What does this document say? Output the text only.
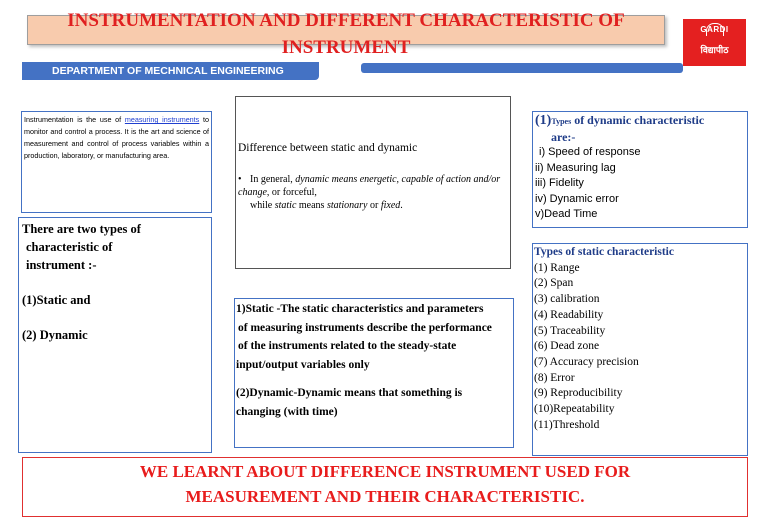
INSTRUMENTATION AND DIFFERENT CHARACTERISTIC OF
INSTRUMENT
GARDI
विद्यापीठ
DEPARTMENT OF MECHNICAL ENGINEERING
Instrumentation is the use of measuring instruments to monitor and control a process. It is the art and science of measurement and control of process variables within a production, laboratory, or manufacturing area.
There are two types of
characteristic of
instrument :-
(1)Static and
(2) Dynamic
Difference between static and dynamic
• In general, dynamic means energetic, capable of action and/or change, or forceful,
while static means stationary or fixed.
1)Static -The static characteristics and parameters
of measuring instruments describe the performance
of the instruments related to the steady-state
input/output variables only
(2)Dynamic-Dynamic means that something is
changing (with time)
(1)Types of dynamic characteristic
are:-
i) Speed of response
ii) Measuring lag
iii) Fidelity
iv) Dynamic error
v)Dead Time
Types of static characteristic
(1) Range
(2) Span
(3) calibration
(4) Readability
(5) Traceability
(6) Dead zone
(7) Accuracy precision
(8) Error
(9) Reproducibility
(10)Repeatability
(11)Threshold
WE LEARNT ABOUT DIFFERENCE INSTRUMENT USED FOR
MEASUREMENT AND THEIR CHARACTERISTIC.
